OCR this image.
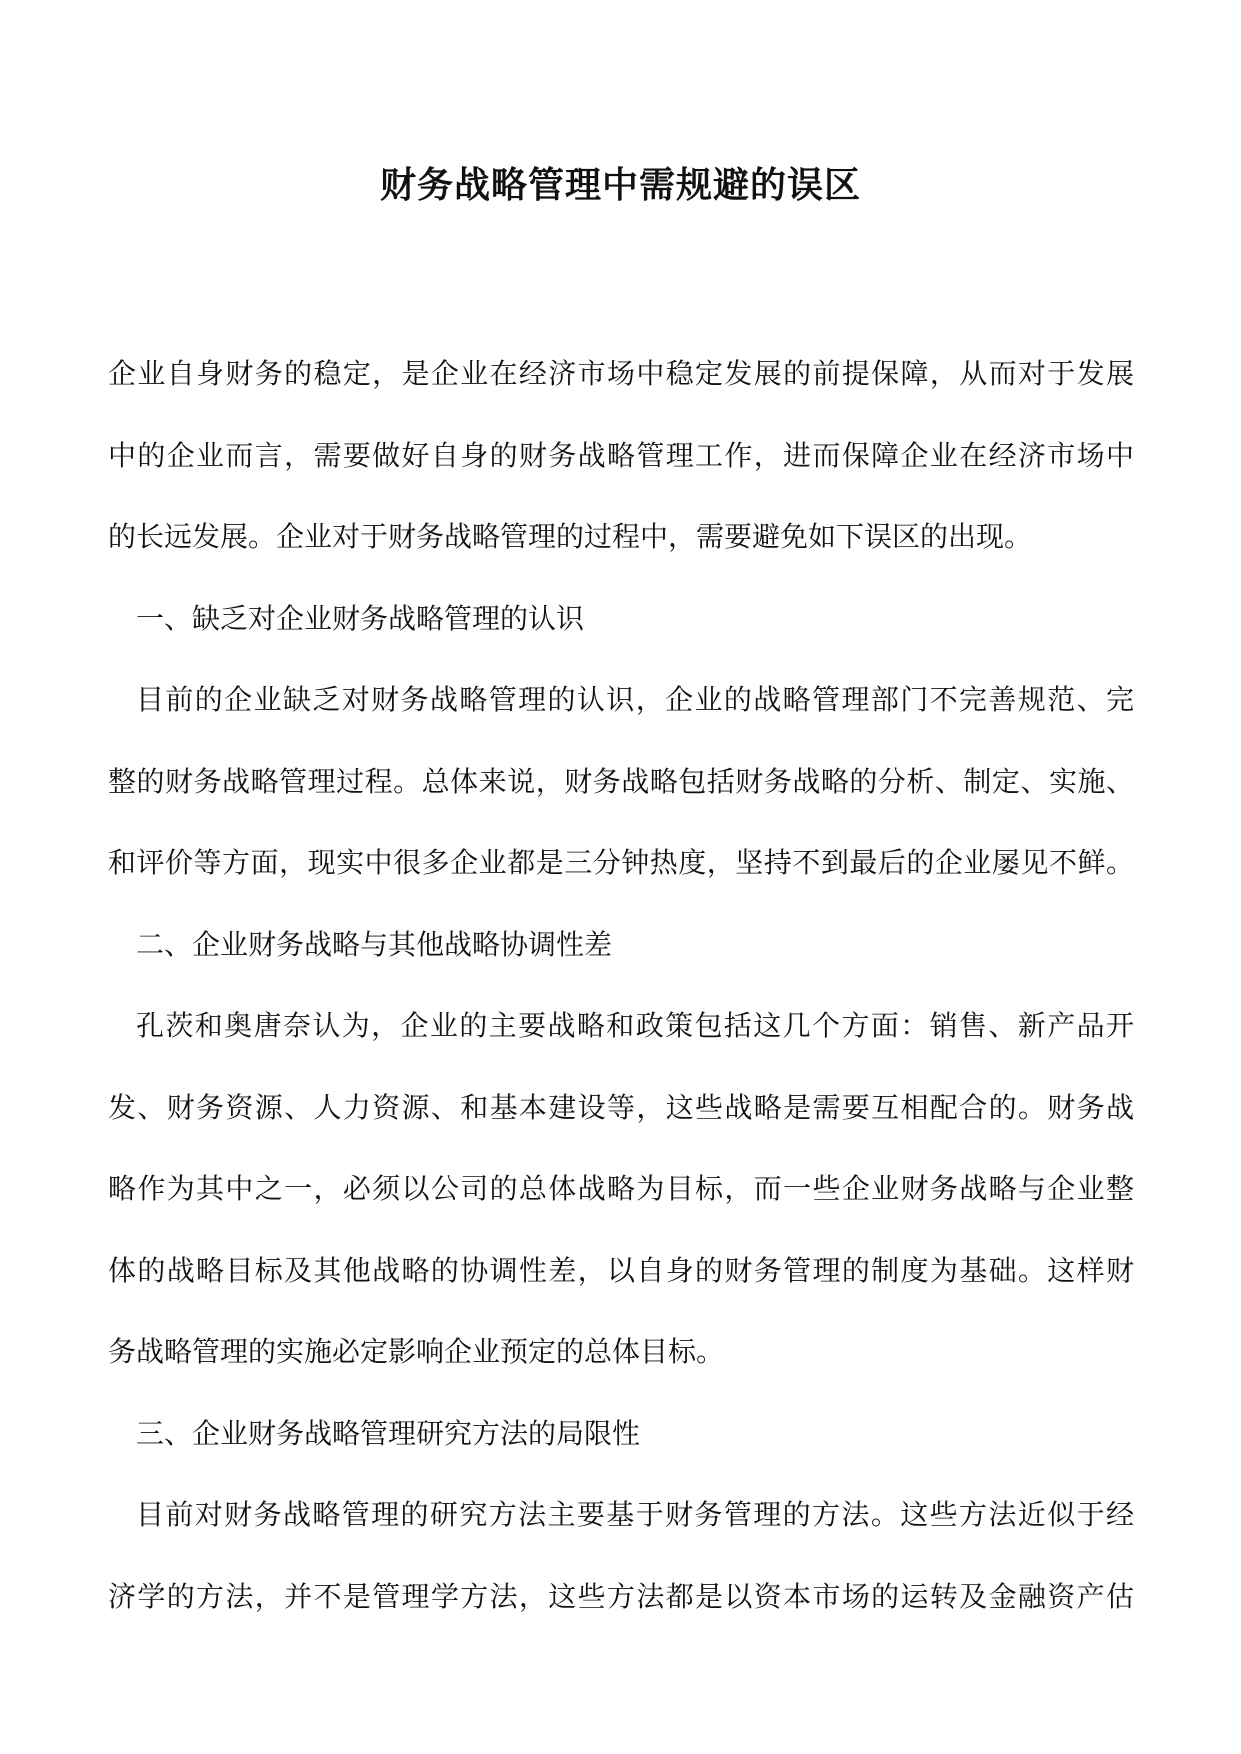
财务战略管理中需规避的误区
企业自身财务的稳定，是企业在经济市场中稳定发展的前提保障，从而对于发展
中的企业而言，需要做好自身的财务战略管理工作，进而保障企业在经济市场中
的长远发展。企业对于财务战略管理的过程中，需要避免如下误区的出现。
一、缺乏对企业财务战略管理的认识
目前的企业缺乏对财务战略管理的认识，企业的战略管理部门不完善规范、完
整的财务战略管理过程。总体来说，财务战略包括财务战略的分析、制定、实施、
和评价等方面，现实中很多企业都是三分钟热度，坚持不到最后的企业屡见不鲜。
二、企业财务战略与其他战略协调性差
孔茨和奥唐奈认为，企业的主要战略和政策包括这几个方面：销售、新产品开
发、财务资源、人力资源、和基本建设等，这些战略是需要互相配合的。财务战
略作为其中之一，必须以公司的总体战略为目标，而一些企业财务战略与企业整
体的战略目标及其他战略的协调性差，以自身的财务管理的制度为基础。这样财
务战略管理的实施必定影响企业预定的总体目标。
三、企业财务战略管理研究方法的局限性
目前对财务战略管理的研究方法主要基于财务管理的方法。这些方法近似于经
济学的方法，并不是管理学方法，这些方法都是以资本市场的运转及金融资产估
